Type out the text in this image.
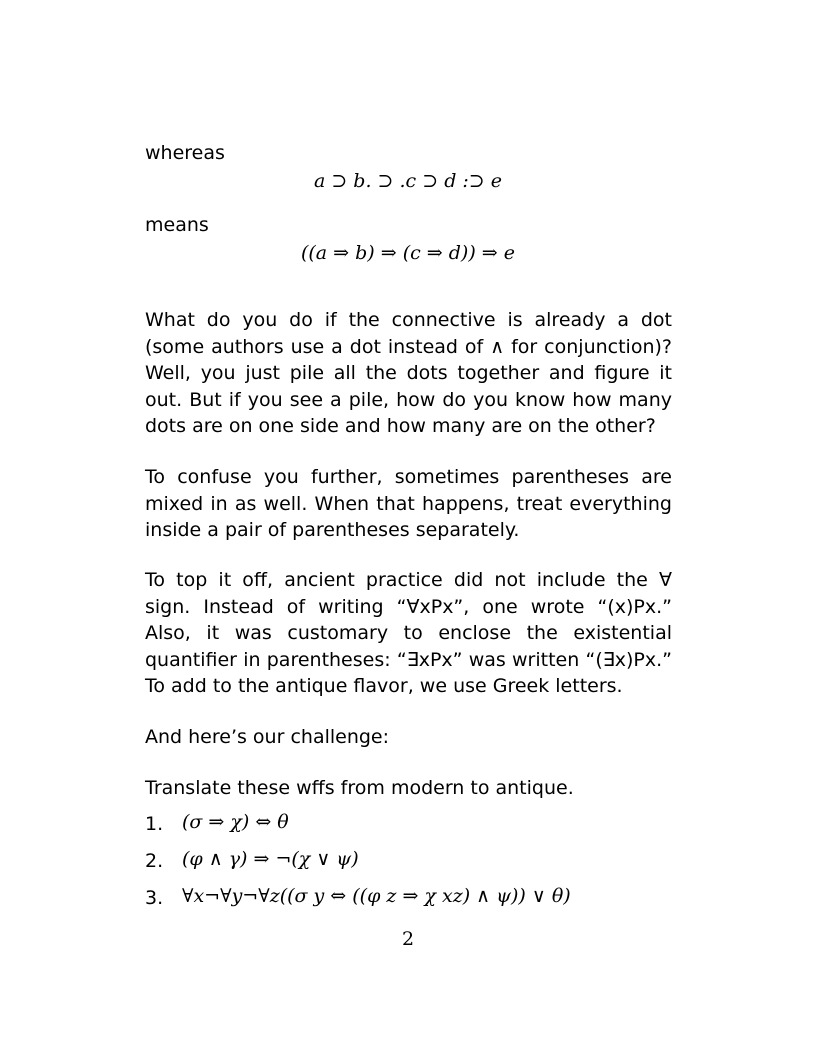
whereas
a ⊃ b. ⊃ .c ⊃ d :⊃ e
means
((a ⇒ b) ⇒ (c ⇒ d)) ⇒ e

What do you do if the connective is already a dot (some authors use a dot instead of ∧ for conjunction)? Well, you just pile all the dots together and figure it out. But if you see a pile, how do you know how many dots are on one side and how many are on the other?

To confuse you further, sometimes parentheses are mixed in as well. When that happens, treat everything inside a pair of parentheses separately.

To top it off, ancient practice did not include the ∀ sign. Instead of writing “∀xPx”, one wrote “(x)Px.” Also, it was customary to enclose the existential quantifier in parentheses: “∃xPx” was written “(∃x)Px.” To add to the antique flavor, we use Greek letters.

And here’s our challenge:

Translate these wffs from modern to antique.

1. (σ ⇒ χ) ⇔ θ
2. (φ ∧ γ) ⇒ ¬(χ ∨ ψ)
3. ∀x¬∀y¬∀z((σ y ⇔ ((φ z ⇒ χ xz) ∧ ψ)) ∨ θ)
2
